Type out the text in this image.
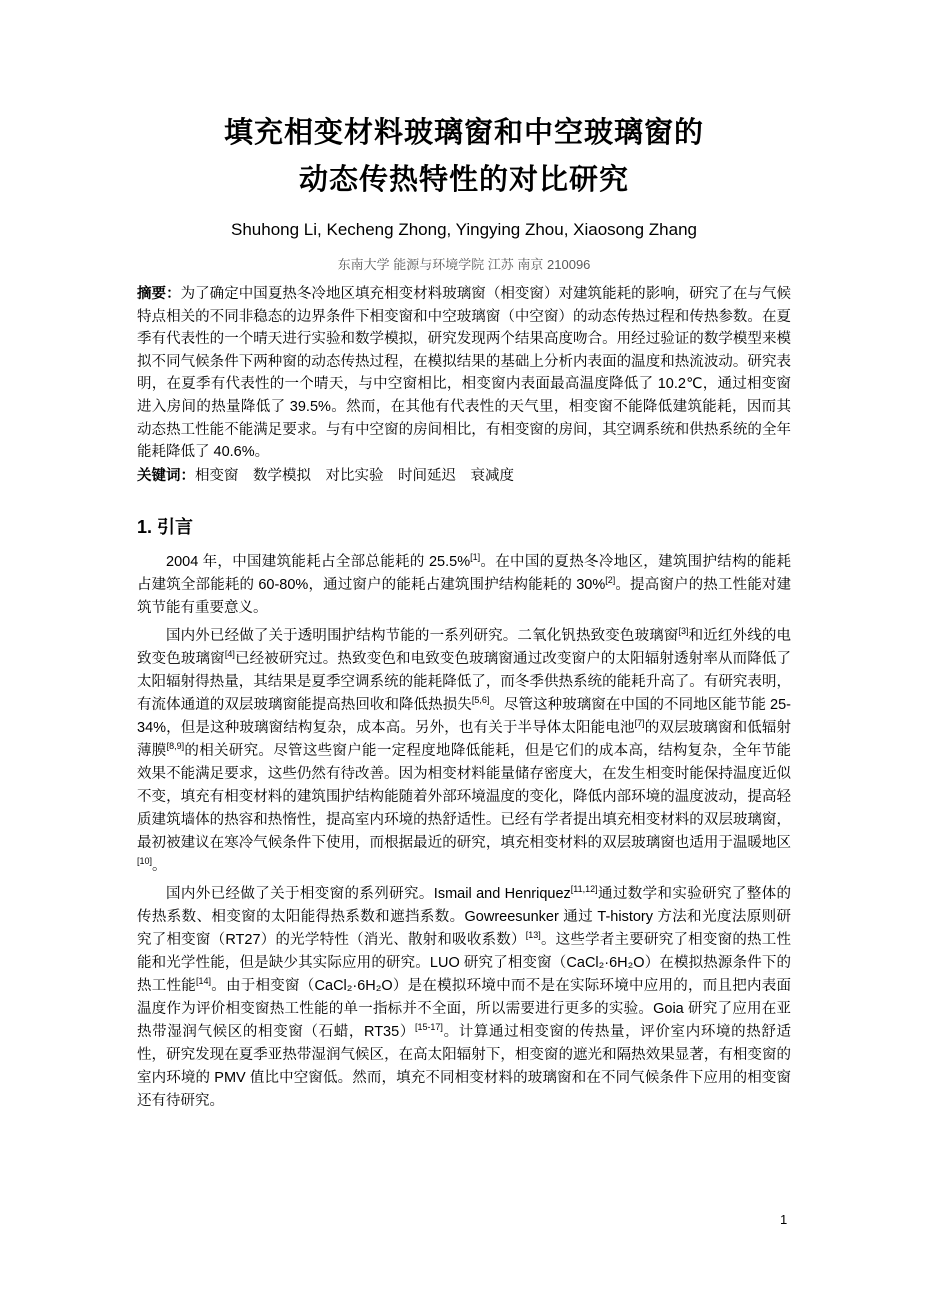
填充相变材料玻璃窗和中空玻璃窗的
动态传热特性的对比研究
Shuhong Li, Kecheng Zhong, Yingying Zhou, Xiaosong Zhang
东南大学 能源与环境学院 江苏 南京 210096

摘要：为了确定中国夏热冬冷地区填充相变材料玻璃窗（相变窗）对建筑能耗的影响，研究了在与气候特点相关的不同非稳态的边界条件下相变窗和中空玻璃窗（中空窗）的动态传热过程和传热参数。在夏季有代表性的一个晴天进行实验和数学模拟，研究发现两个结果高度吻合。用经过验证的数学模型来模拟不同气候条件下两种窗的动态传热过程，在模拟结果的基础上分析内表面的温度和热流波动。研究表明，在夏季有代表性的一个晴天，与中空窗相比，相变窗内表面最高温度降低了 10.2℃，通过相变窗进入房间的热量降低了 39.5%。然而，在其他有代表性的天气里，相变窗不能降低建筑能耗，因而其动态热工性能不能满足要求。与有中空窗的房间相比，有相变窗的房间，其空调系统和供热系统的全年能耗降低了 40.6%。

关键词：相变窗　数学模拟　对比实验　时间延迟　衰减度

1. 引言

2004 年，中国建筑能耗占全部总能耗的 25.5%[1]。在中国的夏热冬冷地区，建筑围护结构的能耗占建筑全部能耗的 60-80%，通过窗户的能耗占建筑围护结构能耗的 30%[2]。提高窗户的热工性能对建筑节能有重要意义。

国内外已经做了关于透明围护结构节能的一系列研究。二氧化钒热致变色玻璃窗[3]和近红外线的电致变色玻璃窗[4]已经被研究过。热致变色和电致变色玻璃窗通过改变窗户的太阳辐射透射率从而降低了太阳辐射得热量，其结果是夏季空调系统的能耗降低了，而冬季供热系统的能耗升高了。有研究表明，有流体通道的双层玻璃窗能提高热回收和降低热损失[5,6]。尽管这种玻璃窗在中国的不同地区能节能 25-34%，但是这种玻璃窗结构复杂，成本高。另外，也有关于半导体太阳能电池[7]的双层玻璃窗和低辐射薄膜[8,9]的相关研究。尽管这些窗户能一定程度地降低能耗，但是它们的成本高，结构复杂，全年节能效果不能满足要求，这些仍然有待改善。因为相变材料能量储存密度大，在发生相变时能保持温度近似不变，填充有相变材料的建筑围护结构能随着外部环境温度的变化，降低内部环境的温度波动，提高轻质建筑墙体的热容和热惰性，提高室内环境的热舒适性。已经有学者提出填充相变材料的双层玻璃窗，最初被建议在寒冷气候条件下使用，而根据最近的研究，填充相变材料的双层玻璃窗也适用于温暖地区[10]。

国内外已经做了关于相变窗的系列研究。Ismail and Henriquez[11,12]通过数学和实验研究了整体的传热系数、相变窗的太阳能得热系数和遮挡系数。Gowreesunker 通过 T-history 方法和光度法原则研究了相变窗（RT27）的光学特性（消光、散射和吸收系数）[13]。这些学者主要研究了相变窗的热工性能和光学性能，但是缺少其实际应用的研究。LUO 研究了相变窗（CaCl₂·6H₂O）在模拟热源条件下的热工性能[14]。由于相变窗（CaCl₂·6H₂O）是在模拟环境中而不是在实际环境中应用的，而且把内表面温度作为评价相变窗热工性能的单一指标并不全面，所以需要进行更多的实验。Goia 研究了应用在亚热带湿润气候区的相变窗（石蜡，RT35）[15-17]。计算通过相变窗的传热量，评价室内环境的热舒适性，研究发现在夏季亚热带湿润气候区，在高太阳辐射下，相变窗的遮光和隔热效果显著，有相变窗的室内环境的 PMV 值比中空窗低。然而，填充不同相变材料的玻璃窗和在不同气候条件下应用的相变窗还有待研究。

1
